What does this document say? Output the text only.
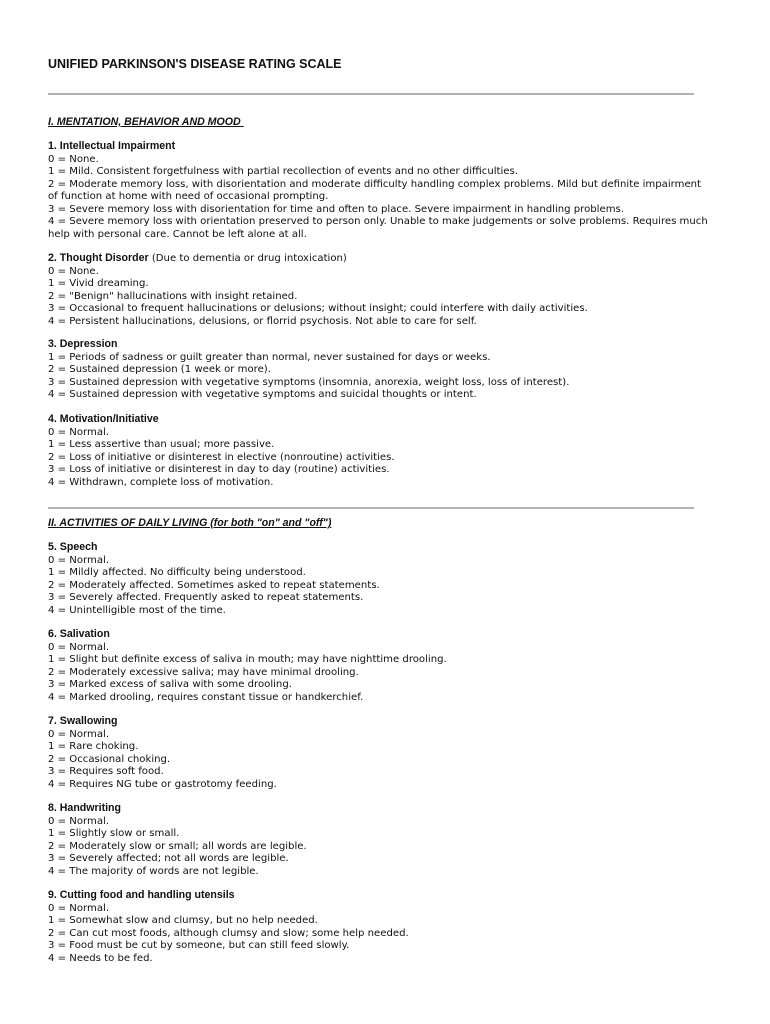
UNIFIED PARKINSON'S DISEASE RATING SCALE
I. MENTATION, BEHAVIOR AND MOOD
1. Intellectual Impairment
0 = None.
1 = Mild. Consistent forgetfulness with partial recollection of events and no other difficulties.
2 = Moderate memory loss, with disorientation and moderate difficulty handling complex problems. Mild but definite impairment of function at home with need of occasional prompting.
3 = Severe memory loss with disorientation for time and often to place. Severe impairment in handling problems.
4 = Severe memory loss with orientation preserved to person only. Unable to make judgements or solve problems. Requires much help with personal care. Cannot be left alone at all.
2. Thought Disorder (Due to dementia or drug intoxication)
0 = None.
1 = Vivid dreaming.
2 = "Benign" hallucinations with insight retained.
3 = Occasional to frequent hallucinations or delusions; without insight; could interfere with daily activities.
4 = Persistent hallucinations, delusions, or florrid psychosis. Not able to care for self.
3. Depression
1 = Periods of sadness or guilt greater than normal, never sustained for days or weeks.
2 = Sustained depression (1 week or more).
3 = Sustained depression with vegetative symptoms (insomnia, anorexia, weight loss, loss of interest).
4 = Sustained depression with vegetative symptoms and suicidal thoughts or intent.
4. Motivation/Initiative
0 = Normal.
1 = Less assertive than usual; more passive.
2 = Loss of initiative or disinterest in elective (nonroutine) activities.
3 = Loss of initiative or disinterest in day to day (routine) activities.
4 = Withdrawn, complete loss of motivation.
II. ACTIVITIES OF DAILY LIVING (for both "on" and "off")
5. Speech
0 = Normal.
1 = Mildly affected. No difficulty being understood.
2 = Moderately affected. Sometimes asked to repeat statements.
3 = Severely affected. Frequently asked to repeat statements.
4 = Unintelligible most of the time.
6. Salivation
0 = Normal.
1 = Slight but definite excess of saliva in mouth; may have nighttime drooling.
2 = Moderately excessive saliva; may have minimal drooling.
3 = Marked excess of saliva with some drooling.
4 = Marked drooling, requires constant tissue or handkerchief.
7. Swallowing
0 = Normal.
1 = Rare choking.
2 = Occasional choking.
3 = Requires soft food.
4 = Requires NG tube or gastrotomy feeding.
8. Handwriting
0 = Normal.
1 = Slightly slow or small.
2 = Moderately slow or small; all words are legible.
3 = Severely affected; not all words are legible.
4 = The majority of words are not legible.
9. Cutting food and handling utensils
0 = Normal.
1 = Somewhat slow and clumsy, but no help needed.
2 = Can cut most foods, although clumsy and slow; some help needed.
3 = Food must be cut by someone, but can still feed slowly.
4 = Needs to be fed.
